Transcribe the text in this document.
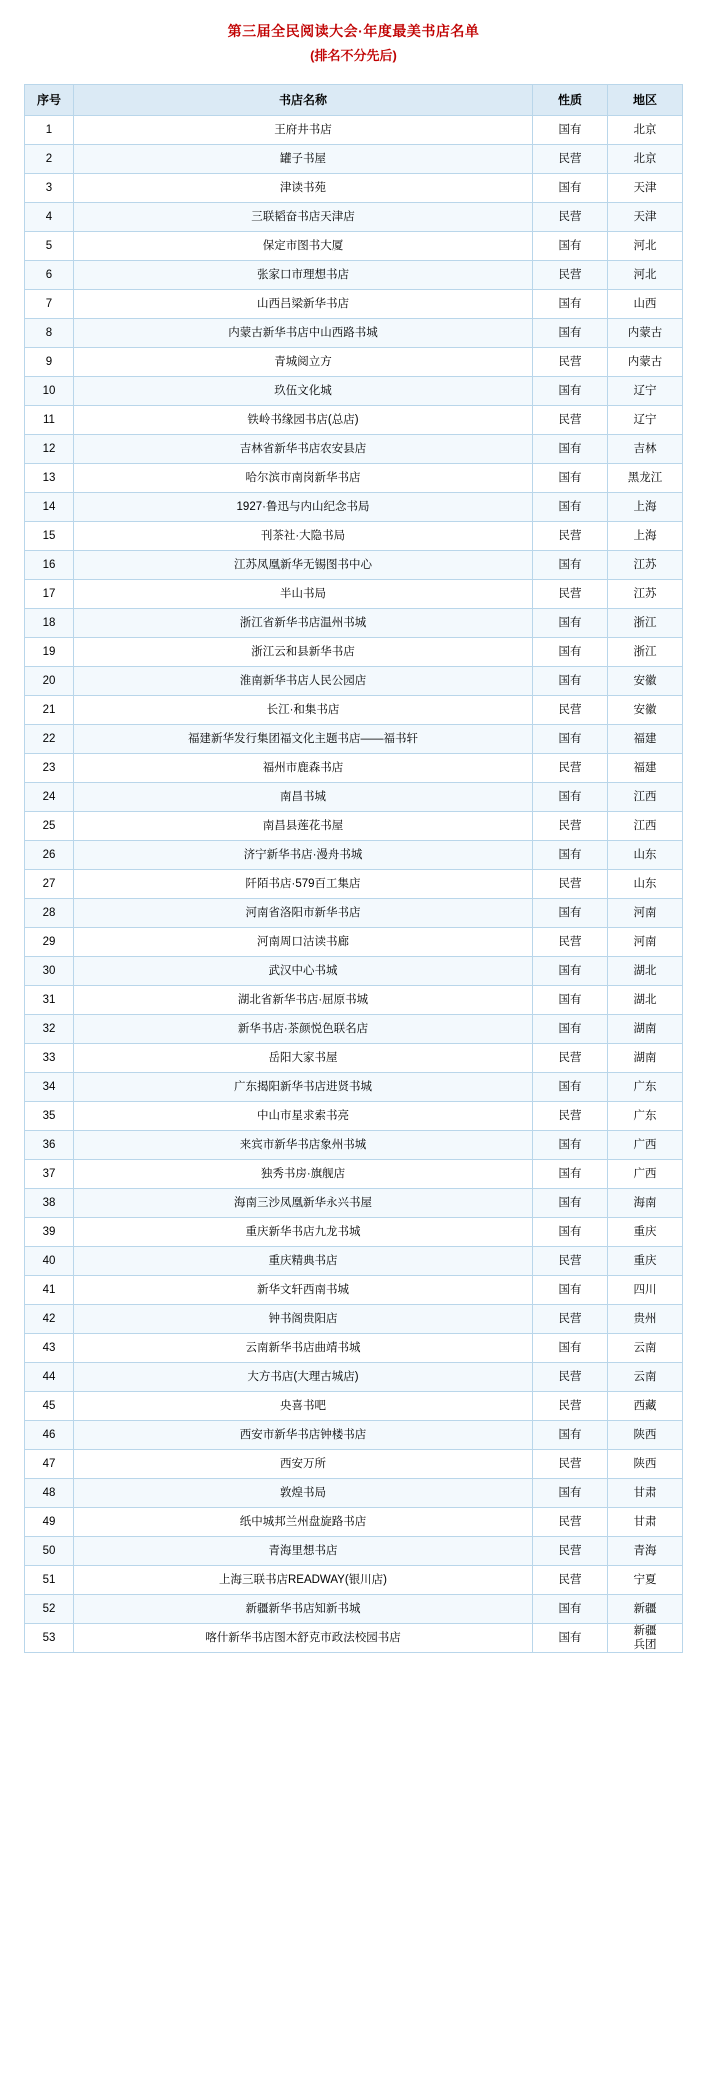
第三届全民阅读大会·年度最美书店名单
(排名不分先后)
序号	书店名称	性质	地区
1	王府井书店	国有	北京
2	罐子书屋	民营	北京
3	津读书苑	国有	天津
4	三联韬奋书店天津店	民营	天津
5	保定市图书大厦	国有	河北
6	张家口市理想书店	民营	河北
7	山西吕梁新华书店	国有	山西
8	内蒙古新华书店中山西路书城	国有	内蒙古
9	青城阅立方	民营	内蒙古
10	玖伍文化城	国有	辽宁
11	铁岭书缘园书店(总店)	民营	辽宁
12	吉林省新华书店农安县店	国有	吉林
13	哈尔滨市南岗新华书店	国有	黑龙江
14	1927·鲁迅与内山纪念书局	国有	上海
15	刊茶社·大隐书局	民营	上海
16	江苏凤凰新华无锡图书中心	国有	江苏
17	半山书局	民营	江苏
18	浙江省新华书店温州书城	国有	浙江
19	浙江云和县新华书店	国有	浙江
20	淮南新华书店人民公园店	国有	安徽
21	长江·和集书店	民营	安徽
22	福建新华发行集团福文化主题书店——福书轩	国有	福建
23	福州市鹿森书店	民营	福建
24	南昌书城	国有	江西
25	南昌县莲花书屋	民营	江西
26	济宁新华书店·漫舟书城	国有	山东
27	阡陌书店·579百工集店	民营	山东
28	河南省洛阳市新华书店	国有	河南
29	河南周口沽读书廊	民营	河南
30	武汉中心书城	国有	湖北
31	湖北省新华书店·屈原书城	国有	湖北
32	新华书店·茶颜悦色联名店	国有	湖南
33	岳阳大家书屋	民营	湖南
34	广东揭阳新华书店进贤书城	国有	广东
35	中山市星求索书亮	民营	广东
36	来宾市新华书店象州书城	国有	广西
37	独秀书房·旗舰店	国有	广西
38	海南三沙凤凰新华永兴书屋	国有	海南
39	重庆新华书店九龙书城	国有	重庆
40	重庆精典书店	民营	重庆
41	新华文轩西南书城	国有	四川
42	钟书阁贵阳店	民营	贵州
43	云南新华书店曲靖书城	国有	云南
44	大方书店(大理古城店)	民营	云南
45	央喜书吧	民营	西藏
46	西安市新华书店钟楼书店	国有	陕西
47	西安万所	民营	陕西
48	敦煌书局	国有	甘肃
49	纸中城邦兰州盘旋路书店	民营	甘肃
50	青海里想书店	民营	青海
51	上海三联书店READWAY(银川店)	民营	宁夏
52	新疆新华书店知新书城	国有	新疆
53	喀什新华书店图木舒克市政法校园书店	国有	新疆
兵团
